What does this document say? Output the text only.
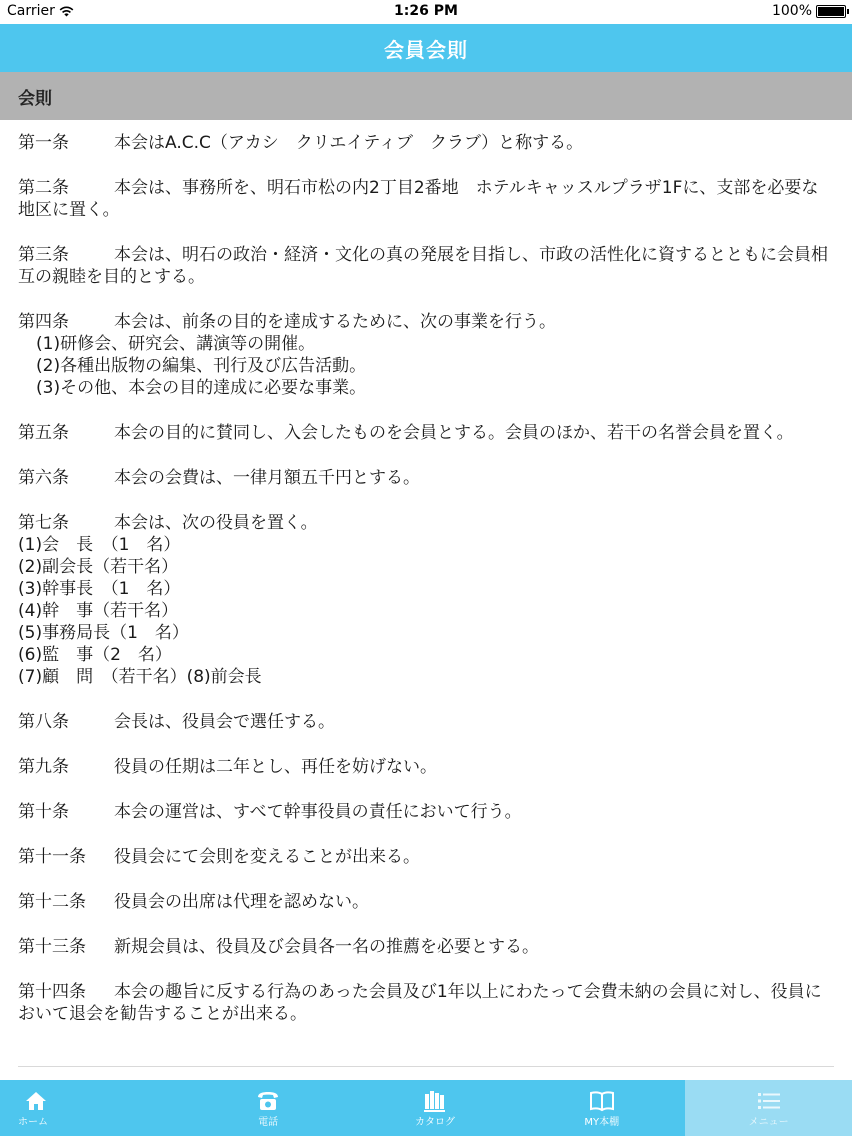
Carrier	1:26 PM	100%
会員会則
会則
第一条	本会はA.C.C（アカシ　クリエイティブ　クラブ）と称する。
第二条	本会は、事務所を、明石市松の内2丁目2番地　ホテルキャッスルプラザ1Fに、支部を必要な地区に置く。
第三条	本会は、明石の政治・経済・文化の真の発展を目指し、市政の活性化に資するとともに会員相互の親睦を目的とする。
第四条	本会は、前条の目的を達成するために、次の事業を行う。
(1)研修会、研究会、講演等の開催。
(2)各種出版物の編集、刊行及び広告活動。
(3)その他、本会の目的達成に必要な事業。
第五条	本会の目的に賛同し、入会したものを会員とする。会員のほか、若干の名誉会員を置く。
第六条	本会の会費は、一律月額五千円とする。
第七条	本会は、次の役員を置く。
(1)会　長　（1　名）
(2)副会長（若干名）
(3)幹事長　（1　名）
(4)幹　事（若干名）
(5)事務局長（1　名）
(6)監　事（2　名）
(7)顧　問　（若干名）(8)前会長
第八条	会長は、役員会で選任する。
第九条	役員の任期は二年とし、再任を妨げない。
第十条	本会の運営は、すべて幹事役員の責任において行う。
第十一条 役員会にて会則を変えることが出来る。
第十二条 役員会の出席は代理を認めない。
第十三条 新規会員は、役員及び会員各一名の推薦を必要とする。
第十四条 本会の趣旨に反する行為のあった会員及び1年以上にわたって会費未納の会員に対し、役員において退会を勧告することが出来る。
ホーム	電話	カタログ	MY本棚	メニュー
